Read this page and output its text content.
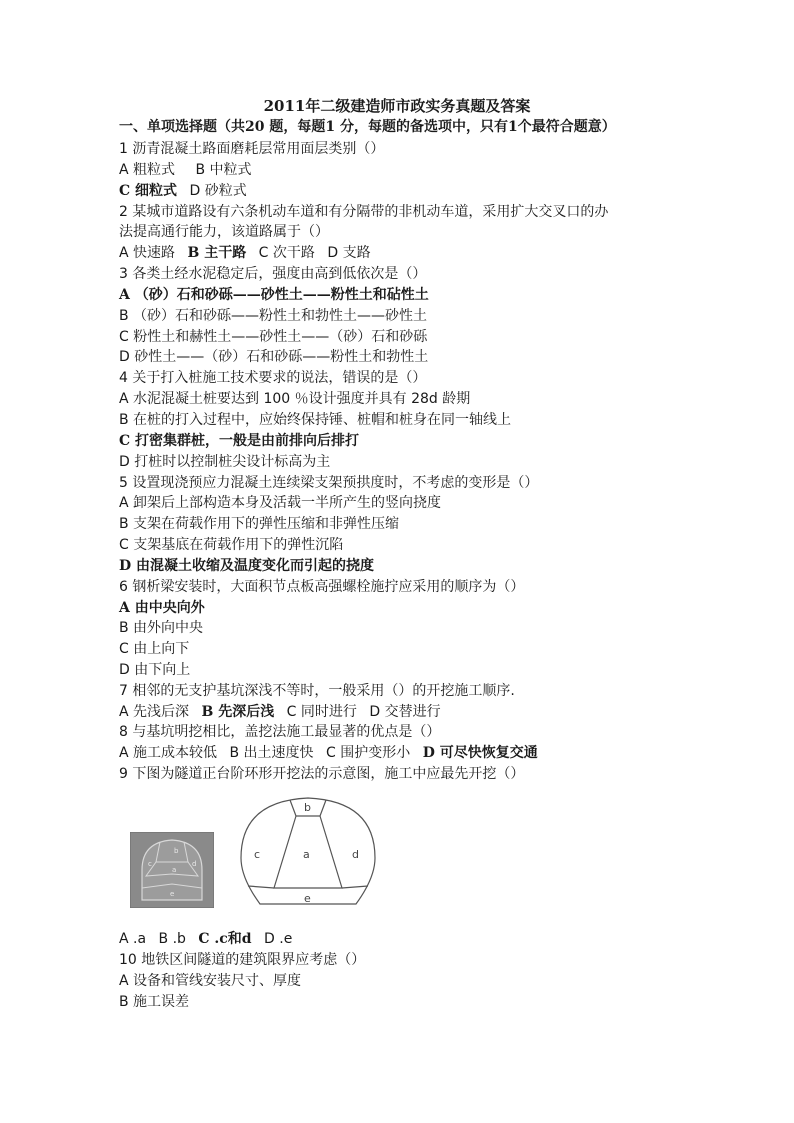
2011年二级建造师市政实务真题及答案
一、单项选择题（共20 题，每题1 分，每题的备选项中，只有1个最符合题意）
1 沥青混凝土路面磨耗层常用面层类别（）
A 粗粒式 B 中粒式
C 细粒式 D 砂粒式
2 某城市道路设有六条机动车道和有分隔带的非机动车道，采用扩大交叉口的办
法提高通行能力，该道路属于（）
A 快速路 B 主干路 C 次干路 D 支路
3 各类土经水泥稳定后，强度由高到低依次是（）
A （砂）石和砂砾——砂性土——粉性土和砧性土
B （砂）石和砂砾——粉性土和勃性土——砂性土
C 粉性土和赫性土——砂性土——（砂）石和砂砾
D 砂性土——（砂）石和砂砾——粉性土和勃性土
4 关于打入桩施工技术要求的说法，错误的是（）
A 水泥混凝土桩要达到 100 ％设计强度并具有 28d 龄期
B 在桩的打入过程中，应始终保持锤、桩帽和桩身在同一轴线上
C 打密集群桩，一般是由前排向后排打
D 打桩时以控制桩尖设计标高为主
5 设置现浇预应力混凝土连续梁支架预拱度时，不考虑的变形是（）
A 卸架后上部构造本身及活载一半所产生的竖向挠度
B 支架在荷载作用下的弹性压缩和非弹性压缩
C 支架基底在荷载作用下的弹性沉陷
D 由混凝土收缩及温度变化而引起的挠度
6 钢析梁安装时，大面积节点板高强螺栓施拧应采用的顺序为（）
A 由中央向外
B 由外向中央
C 由上向下
D 由下向上
7 相邻的无支护基坑深浅不等时，一般采用（）的开挖施工顺序.
A 先浅后深 B 先深后浅 C 同时进行 D 交替进行
8 与基坑明挖相比，盖挖法施工最显著的优点是（）
A 施工成本较低 B 出土速度快 C 围护变形小 D 可尽快恢复交通
9 下图为隧道正台阶环形开挖法的示意图，施工中应最先开挖（）
b
a
c	d
e
b
a
c	d
e
A .a B .b C .c和d D .e
10 地铁区间隧道的建筑限界应考虑（）
A 设备和管线安装尺寸、厚度
B 施工误差
